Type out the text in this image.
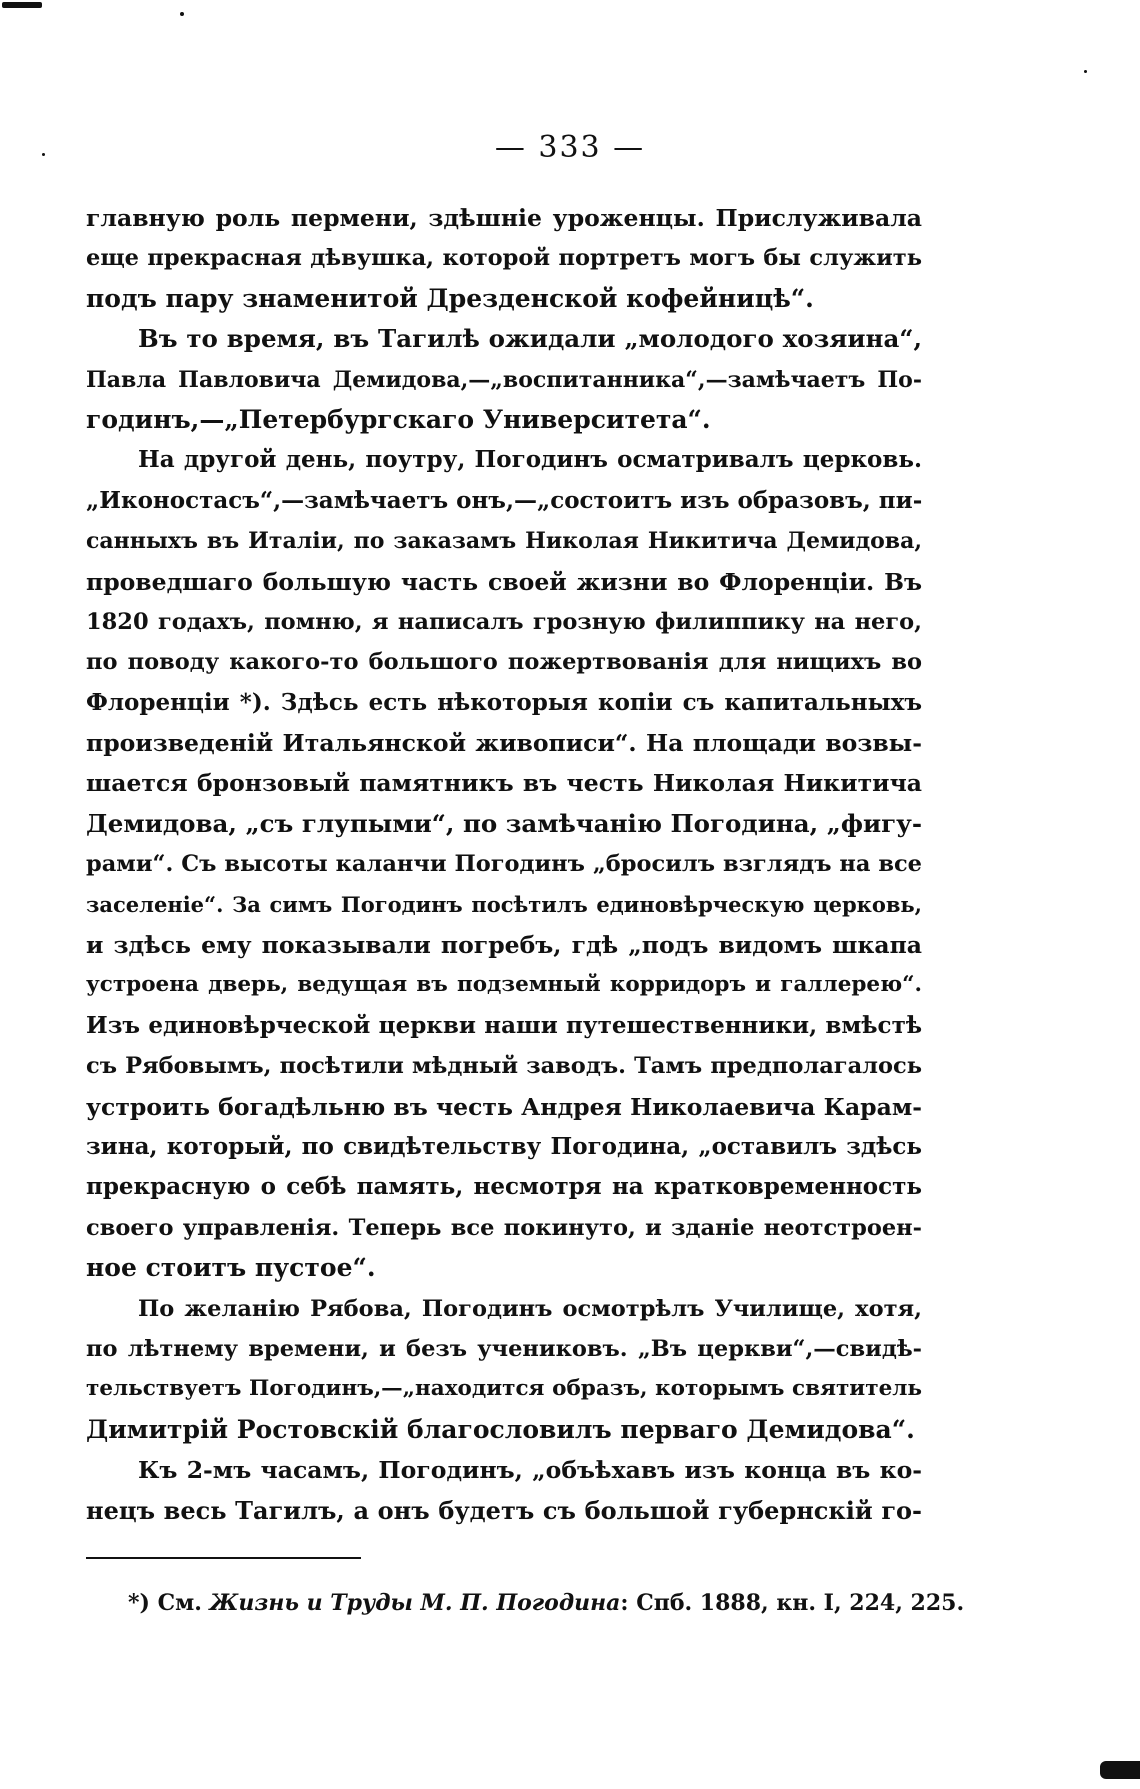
— 333 —
главную роль пермени, здѣшніе уроженцы. Прислуживала
еще прекрасная дѣвушка, которой портретъ могъ бы служить
подъ пару знаменитой Дрезденской кофейницѣ“.
Въ то время, въ Тагилѣ ожидали „молодого хозяина“,
Павла Павловича Демидова,—„воспитанника“,—замѣчаетъ По-
годинъ,—„Петербургскаго Университета“.
На другой день, поутру, Погодинъ осматривалъ церковь.
„Иконостасъ“,—замѣчаетъ онъ,—„состоитъ изъ образовъ, пи-
санныхъ въ Италіи, по заказамъ Николая Никитича Демидова,
проведшаго большую часть своей жизни во Флоренціи. Въ
1820 годахъ, помню, я написалъ грозную филиппику на него,
по поводу какого-то большого пожертвованія для нищихъ во
Флоренціи *). Здѣсь есть нѣкоторыя копіи съ капитальныхъ
произведеній Итальянской живописи“. На площади возвы-
шается бронзовый памятникъ въ честь Николая Никитича
Демидова, „съ глупыми“, по замѣчанію Погодина, „фигу-
рами“. Съ высоты каланчи Погодинъ „бросилъ взглядъ на все
заселеніе“. За симъ Погодинъ посѣтилъ единовѣрческую церковь,
и здѣсь ему показывали погребъ, гдѣ „подъ видомъ шкапа
устроена дверь, ведущая въ подземный корридоръ и галлерею“.
Изъ единовѣрческой церкви наши путешественники, вмѣстѣ
съ Рябовымъ, посѣтили мѣдный заводъ. Тамъ предполагалось
устроить богадѣльню въ честь Андрея Николаевича Карам-
зина, который, по свидѣтельству Погодина, „оставилъ здѣсь
прекрасную о себѣ память, несмотря на кратковременность
своего управленія. Теперь все покинуто, и зданіе неотстроен-
ное стоитъ пустое“.
По желанію Рябова, Погодинъ осмотрѣлъ Училище, хотя,
по лѣтнему времени, и безъ учениковъ. „Въ церкви“,—свидѣ-
тельствуетъ Погодинъ,—„находится образъ, которымъ святитель
Димитрій Ростовскій благословилъ перваго Демидова“.
Къ 2-мъ часамъ, Погодинъ, „объѣхавъ изъ конца въ ко-
нецъ весь Тагилъ, а онъ будетъ съ большой губернскій го-
*) См. Жизнь и Труды М. П. Погодина: Спб. 1888, кн. I, 224, 225.
